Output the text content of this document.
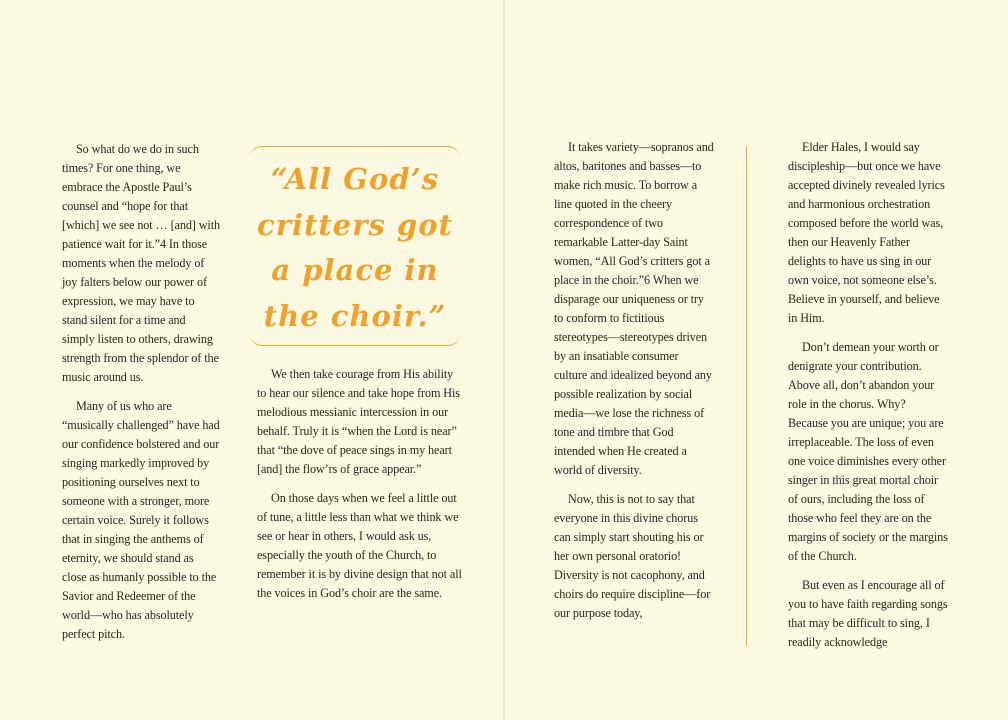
So what do we do in such times? For one thing, we embrace the Apostle Paul’s counsel and “hope for that [which] we see not … [and] with patience wait for it.”4 In those moments when the melody of joy falters below our power of expression, we may have to stand silent for a time and simply listen to others, drawing strength from the splendor of the music around us.

Many of us who are “musically challenged” have had our confidence bolstered and our singing markedly improved by positioning ourselves next to someone with a stronger, more certain voice. Surely it follows that in singing the anthems of eternity, we should stand as close as humanly possible to the Savior and Redeemer of the world—who has absolutely perfect pitch.

“All God’s critters got a place in the choir.”

We then take courage from His ability to hear our silence and take hope from His melodious messianic intercession in our behalf. Truly it is “when the Lord is near” that “the dove of peace sings in my heart [and] the flow’rs of grace appear.”

On those days when we feel a little out of tune, a little less than what we think we see or hear in others, I would ask us, especially the youth of the Church, to remember it is by divine design that not all the voices in God’s choir are the same.

It takes variety—sopranos and altos, baritones and basses—to make rich music. To borrow a line quoted in the cheery correspondence of two remarkable Latter-day Saint women, “All God’s critters got a place in the choir.”6 When we disparage our uniqueness or try to conform to fictitious stereotypes—stereotypes driven by an insatiable consumer culture and idealized beyond any possible realization by social media—we lose the richness of tone and timbre that God intended when He created a world of diversity.

Now, this is not to say that everyone in this divine chorus can simply start shouting his or her own personal oratorio! Diversity is not cacophony, and choirs do require discipline—for our purpose today,

Elder Hales, I would say discipleship—but once we have accepted divinely revealed lyrics and harmonious orchestration composed before the world was, then our Heavenly Father delights to have us sing in our own voice, not someone else’s. Believe in yourself, and believe in Him.

Don’t demean your worth or denigrate your contribution. Above all, don’t abandon your role in the chorus. Why? Because you are unique; you are irreplaceable. The loss of even one voice diminishes every other singer in this great mortal choir of ours, including the loss of those who feel they are on the margins of society or the margins of the Church.

But even as I encourage all of you to have faith regarding songs that may be difficult to sing, I readily acknowledge
